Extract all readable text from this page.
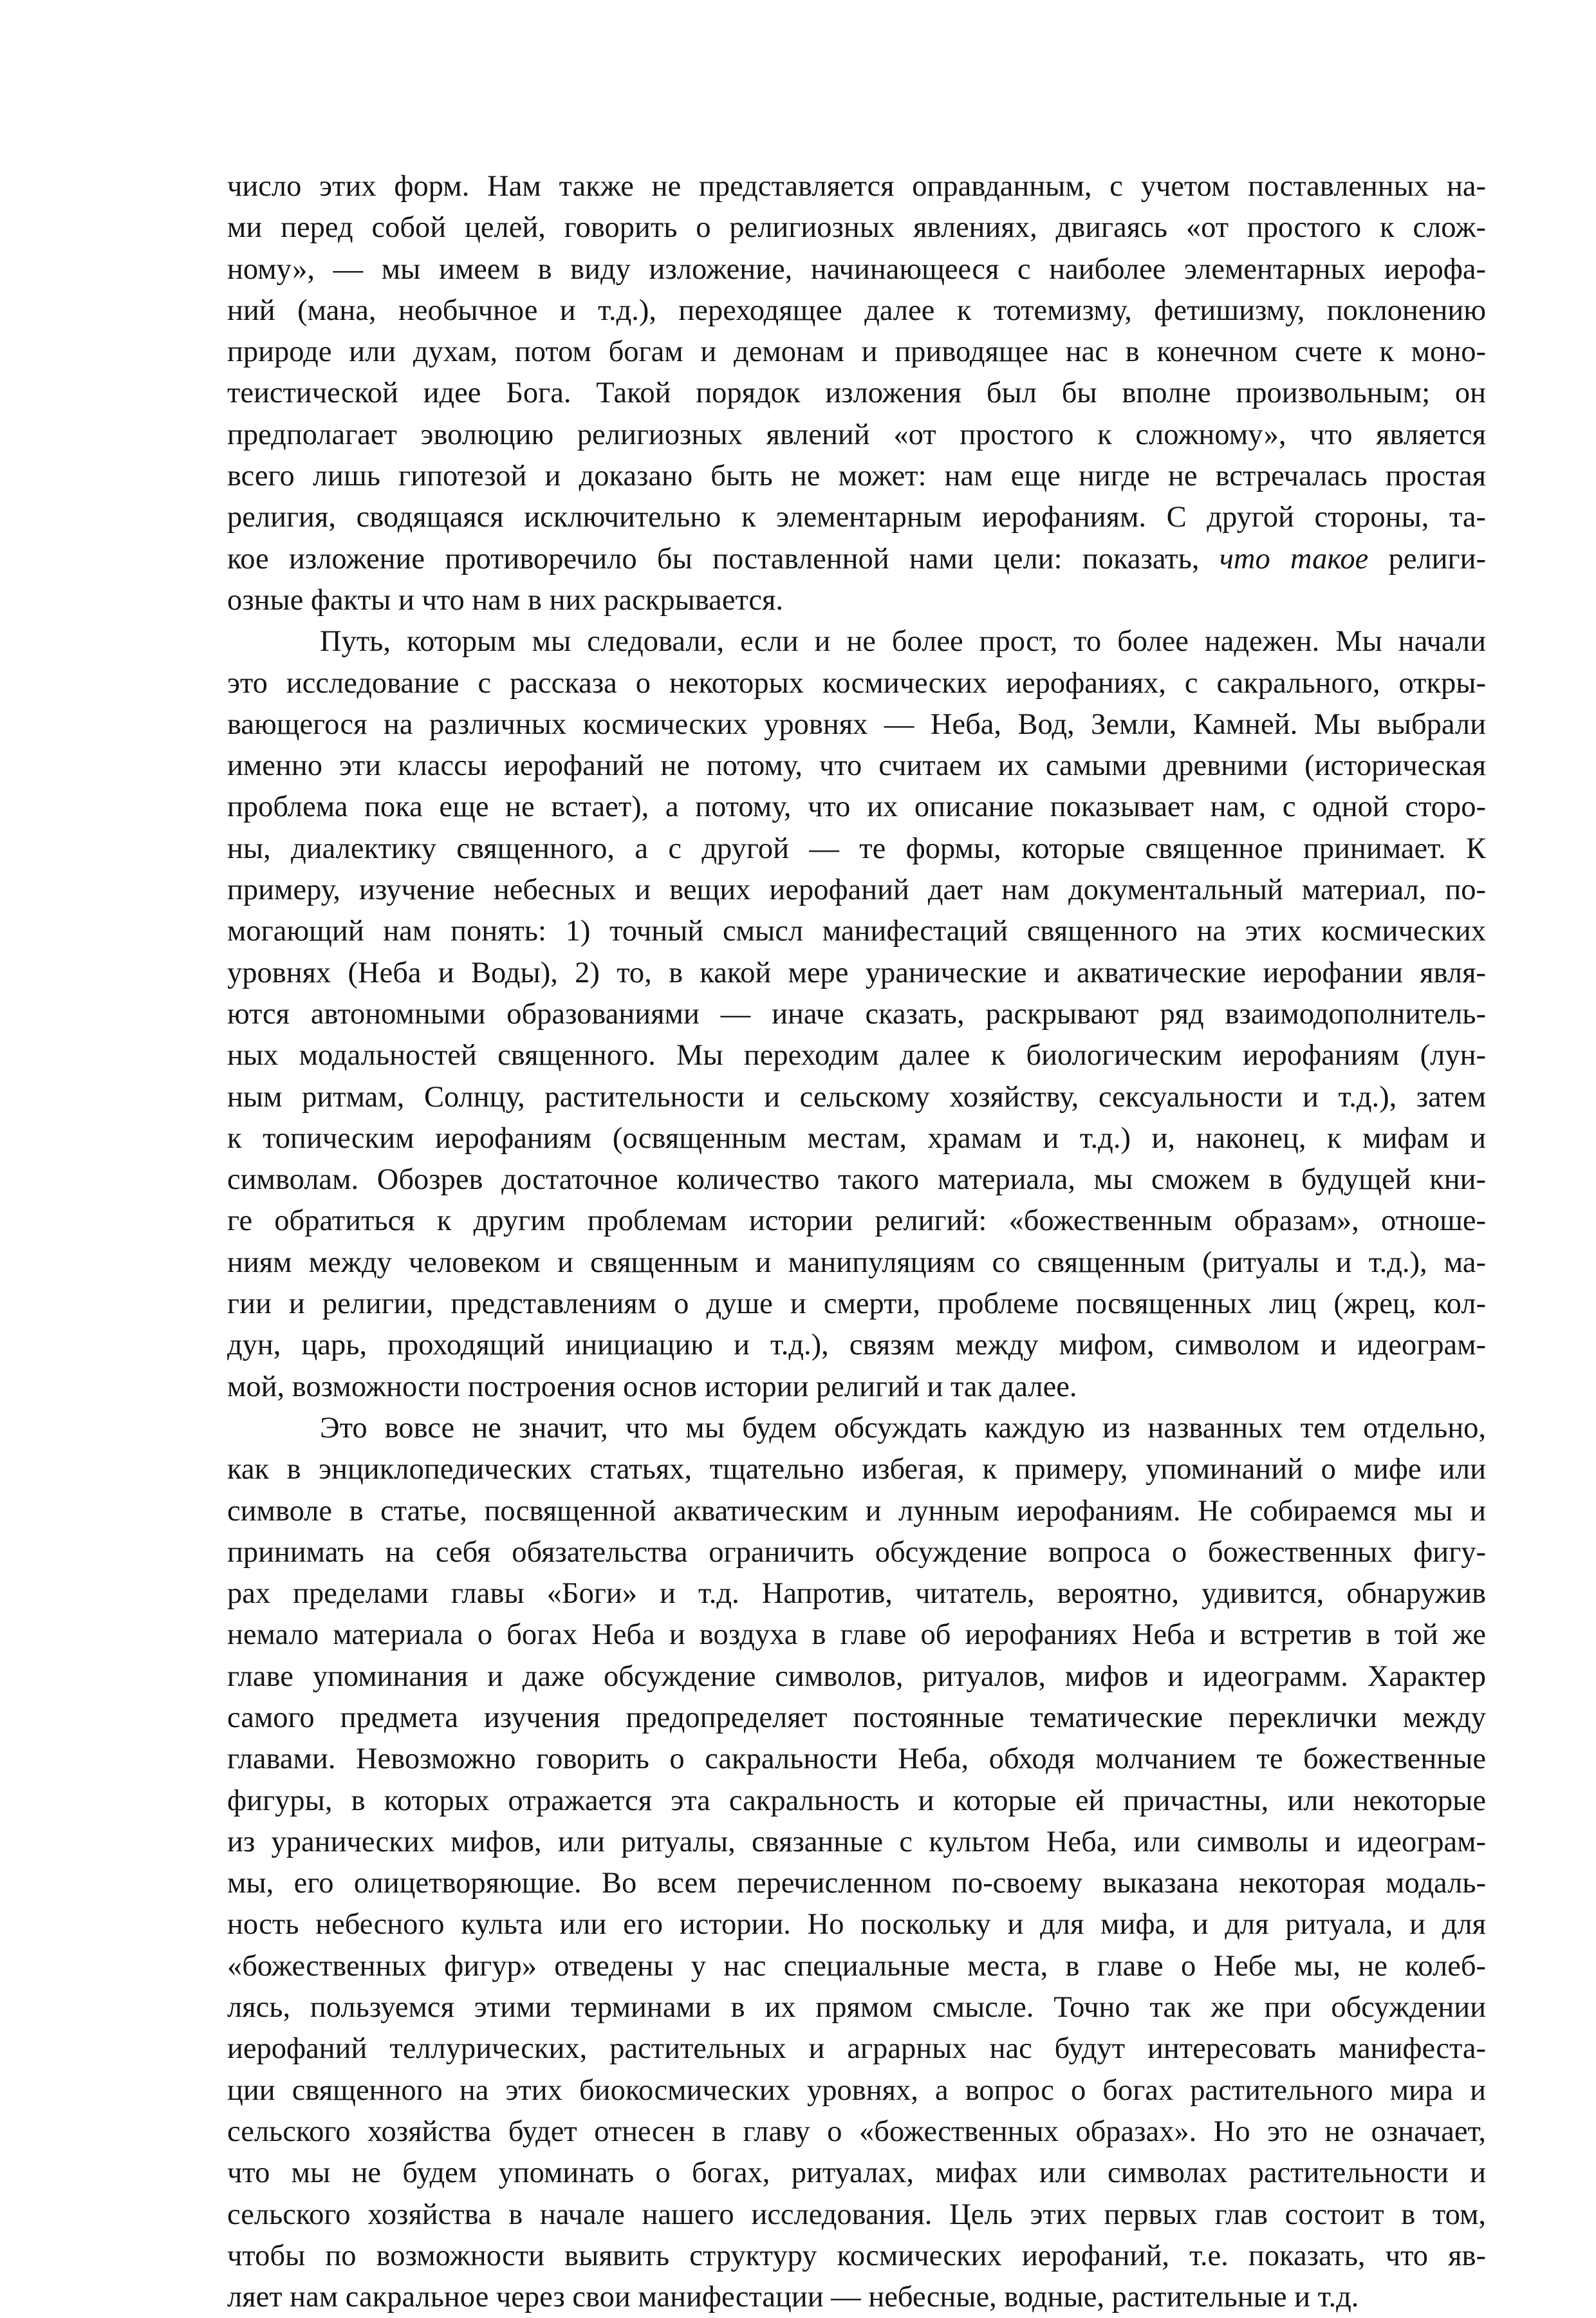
число этих форм. Нам также не представляется оправданным, с учетом поставленных на-
ми перед собой целей, говорить о религиозных явлениях, двигаясь «от простого к слож-
ному», — мы имеем в виду изложение, начинающееся с наиболее элементарных иерофа-
ний (мана, необычное и т.д.), переходящее далее к тотемизму, фетишизму, поклонению
природе или духам, потом богам и демонам и приводящее нас в конечном счете к моно-
теистической идее Бога. Такой порядок изложения был бы вполне произвольным; он
предполагает эволюцию религиозных явлений «от простого к сложному», что является
всего лишь гипотезой и доказано быть не может: нам еще нигде не встречалась простая
религия, сводящаяся исключительно к элементарным иерофаниям. С другой стороны, та-
кое изложение противоречило бы поставленной нами цели: показать, что такое религи-
озные факты и что нам в них раскрывается.
Путь, которым мы следовали, если и не более прост, то более надежен. Мы начали
это исследование с рассказа о некоторых космических иерофаниях, с сакрального, откры-
вающегося на различных космических уровнях — Неба, Вод, Земли, Камней. Мы выбрали
именно эти классы иерофаний не потому, что считаем их самыми древними (историческая
проблема пока еще не встает), а потому, что их описание показывает нам, с одной сторо-
ны, диалектику священного, а с другой — те формы, которые священное принимает. К
примеру, изучение небесных и вещих иерофаний дает нам документальный материал, по-
могающий нам понять: 1) точный смысл манифестаций священного на этих космических
уровнях (Неба и Воды), 2) то, в какой мере уранические и акватические иерофании явля-
ются автономными образованиями — иначе сказать, раскрывают ряд взаимодополнитель-
ных модальностей священного. Мы переходим далее к биологическим иерофаниям (лун-
ным ритмам, Солнцу, растительности и сельскому хозяйству, сексуальности и т.д.), затем
к топическим иерофаниям (освященным местам, храмам и т.д.) и, наконец, к мифам и
символам. Обозрев достаточное количество такого материала, мы сможем в будущей кни-
ге обратиться к другим проблемам истории религий: «божественным образам», отноше-
ниям между человеком и священным и манипуляциям со священным (ритуалы и т.д.), ма-
гии и религии, представлениям о душе и смерти, проблеме посвященных лиц (жрец, кол-
дун, царь, проходящий инициацию и т.д.), связям между мифом, символом и идеограм-
мой, возможности построения основ истории религий и так далее.
Это вовсе не значит, что мы будем обсуждать каждую из названных тем отдельно,
как в энциклопедических статьях, тщательно избегая, к примеру, упоминаний о мифе или
символе в статье, посвященной акватическим и лунным иерофаниям. Не собираемся мы и
принимать на себя обязательства ограничить обсуждение вопроса о божественных фигу-
рах пределами главы «Боги» и т.д. Напротив, читатель, вероятно, удивится, обнаружив
немало материала о богах Неба и воздуха в главе об иерофаниях Неба и встретив в той же
главе упоминания и даже обсуждение символов, ритуалов, мифов и идеограмм. Характер
самого предмета изучения предопределяет постоянные тематические переклички между
главами. Невозможно говорить о сакральности Неба, обходя молчанием те божественные
фигуры, в которых отражается эта сакральность и которые ей причастны, или некоторые
из уранических мифов, или ритуалы, связанные с культом Неба, или символы и идеограм-
мы, его олицетворяющие. Во всем перечисленном по-своему выказана некоторая модаль-
ность небесного культа или его истории. Но поскольку и для мифа, и для ритуала, и для
«божественных фигур» отведены у нас специальные места, в главе о Небе мы, не колеб-
лясь, пользуемся этими терминами в их прямом смысле. Точно так же при обсуждении
иерофаний теллурических, растительных и аграрных нас будут интересовать манифеста-
ции священного на этих биокосмических уровнях, а вопрос о богах растительного мира и
сельского хозяйства будет отнесен в главу о «божественных образах». Но это не означает,
что мы не будем упоминать о богах, ритуалах, мифах или символах растительности и
сельского хозяйства в начале нашего исследования. Цель этих первых глав состоит в том,
чтобы по возможности выявить структуру космических иерофаний, т.е. показать, что яв-
ляет нам сакральное через свои манифестации — небесные, водные, растительные и т.д.
